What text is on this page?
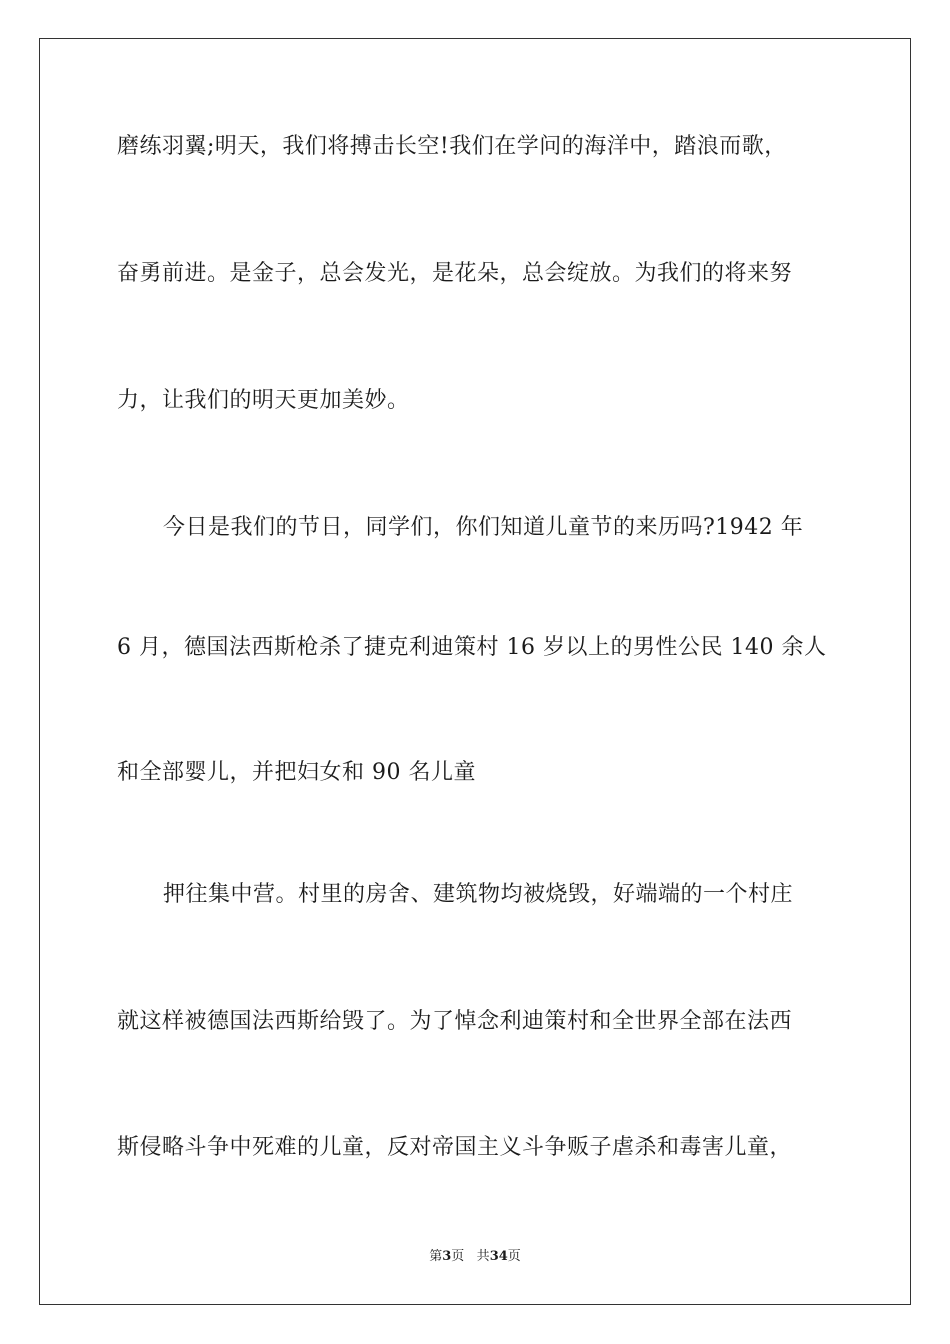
磨练羽翼;明天，我们将搏击长空!我们在学问的海洋中，踏浪而歌，
奋勇前进。是金子，总会发光，是花朵，总会绽放。为我们的将来努
力，让我们的明天更加美妙。
今日是我们的节日，同学们，你们知道儿童节的来历吗?1942 年
6 月，德国法西斯枪杀了捷克利迪策村 16 岁以上的男性公民 140 余人
和全部婴儿，并把妇女和 90 名儿童
押往集中营。村里的房舍、建筑物均被烧毁，好端端的一个村庄
就这样被德国法西斯给毁了。为了悼念利迪策村和全世界全部在法西
斯侵略斗争中死难的儿童，反对帝国主义斗争贩子虐杀和毒害儿童，
第3页 共34页
